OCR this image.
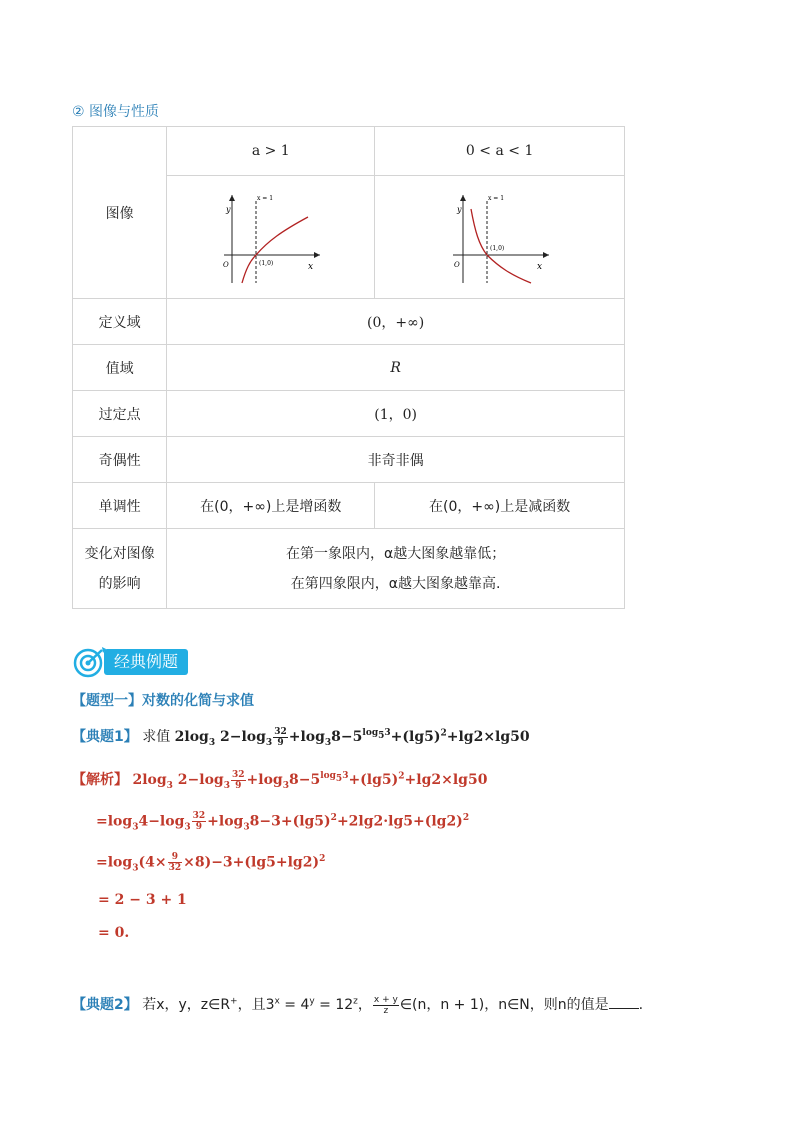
② 图像与性质
图像	a > 1	0 < a < 1

y
x
O
x = 1
(1,0)	y
x
O
x = 1
(1,0)

定义域	(0，+∞)	
值域	R	
过定点	(1，0)	
奇偶性	非奇非偶	
单调性	在(0，+∞)上是增函数	在(0，+∞)上是减函数
变化对图像
的影响	在第一象限内，α越大图象越靠低；
在第四象限内，α越大图象越靠高.	
经典例题
【题型一】对数的化简与求值
【典题1】 求值 $2\log_3$ $2-\log_3 \frac{32}{9} +\log_38-5^{log_53}+(\lg 5)^2+\lg 2\times\lg 50$
【解析】 $2\log_3$ $2-\log_3 \frac{32}{9} +\log_38-5^{log_53}+(\lg 5)^2+\lg 2\times\lg 50$
$=\log_34-\log_3 \frac{32}{9} +\log_38-3+(\lg 5)^2+2\lg 2\cdot\lg 5+(\lg 2)^2$
$=\log_3(4\times \frac{9}{32} \times 8)-3+(\lg 5+\lg 2)^2$
= 2 − 3 + 1
= 0.
【典题2】 若x，y，z∈R+，且$3^x = 4^y = 12^z$， $\frac{x + y}{z}$ ∈(n，n + 1)，n∈N，则n的值是 .
